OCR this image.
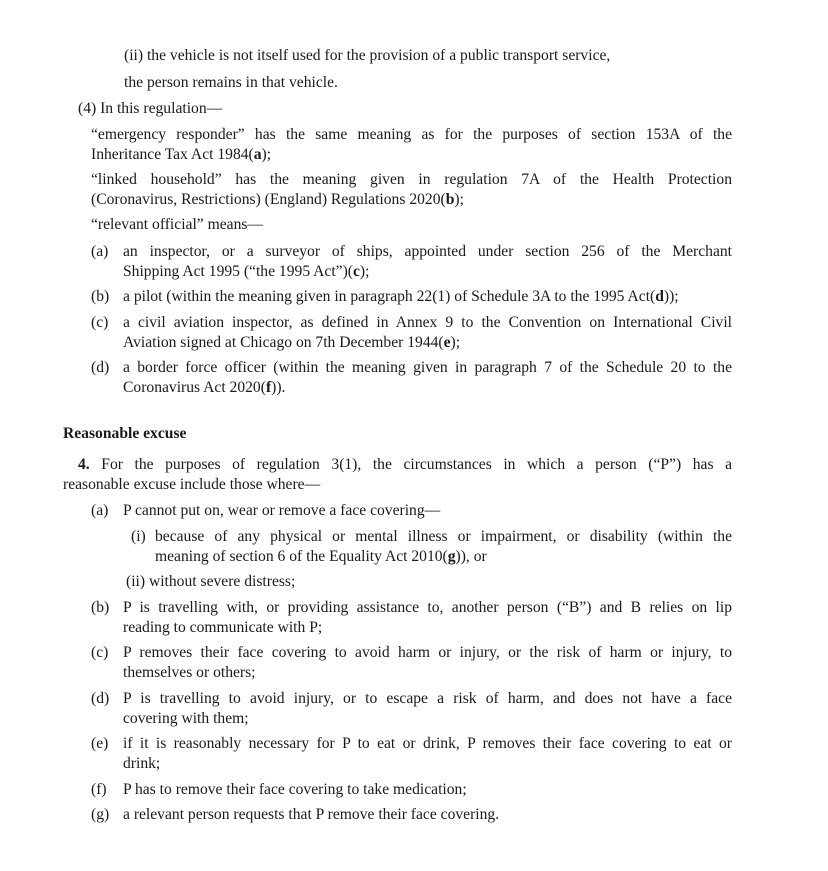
(ii) the vehicle is not itself used for the provision of a public transport service,
the person remains in that vehicle.
(4) In this regulation—
“emergency responder” has the same meaning as for the purposes of section 153A of the
Inheritance Tax Act 1984(a);
“linked household” has the meaning given in regulation 7A of the Health Protection
(Coronavirus, Restrictions) (England) Regulations 2020(b);
“relevant official” means—
(a) an inspector, or a surveyor of ships, appointed under section 256 of the Merchant
Shipping Act 1995 (“the 1995 Act”)(c);
(b) a pilot (within the meaning given in paragraph 22(1) of Schedule 3A to the 1995 Act(d));
(c) a civil aviation inspector, as defined in Annex 9 to the Convention on International Civil
Aviation signed at Chicago on 7th December 1944(e);
(d) a border force officer (within the meaning given in paragraph 7 of the Schedule 20 to the
Coronavirus Act 2020(f)).
Reasonable excuse
4. For the purposes of regulation 3(1), the circumstances in which a person (“P”) has a
reasonable excuse include those where—
(a) P cannot put on, wear or remove a face covering—
(i) because of any physical or mental illness or impairment, or disability (within the
meaning of section 6 of the Equality Act 2010(g)), or
(ii) without severe distress;
(b) P is travelling with, or providing assistance to, another person (“B”) and B relies on lip
reading to communicate with P;
(c) P removes their face covering to avoid harm or injury, or the risk of harm or injury, to
themselves or others;
(d) P is travelling to avoid injury, or to escape a risk of harm, and does not have a face
covering with them;
(e) if it is reasonably necessary for P to eat or drink, P removes their face covering to eat or
drink;
(f) P has to remove their face covering to take medication;
(g) a relevant person requests that P remove their face covering.
